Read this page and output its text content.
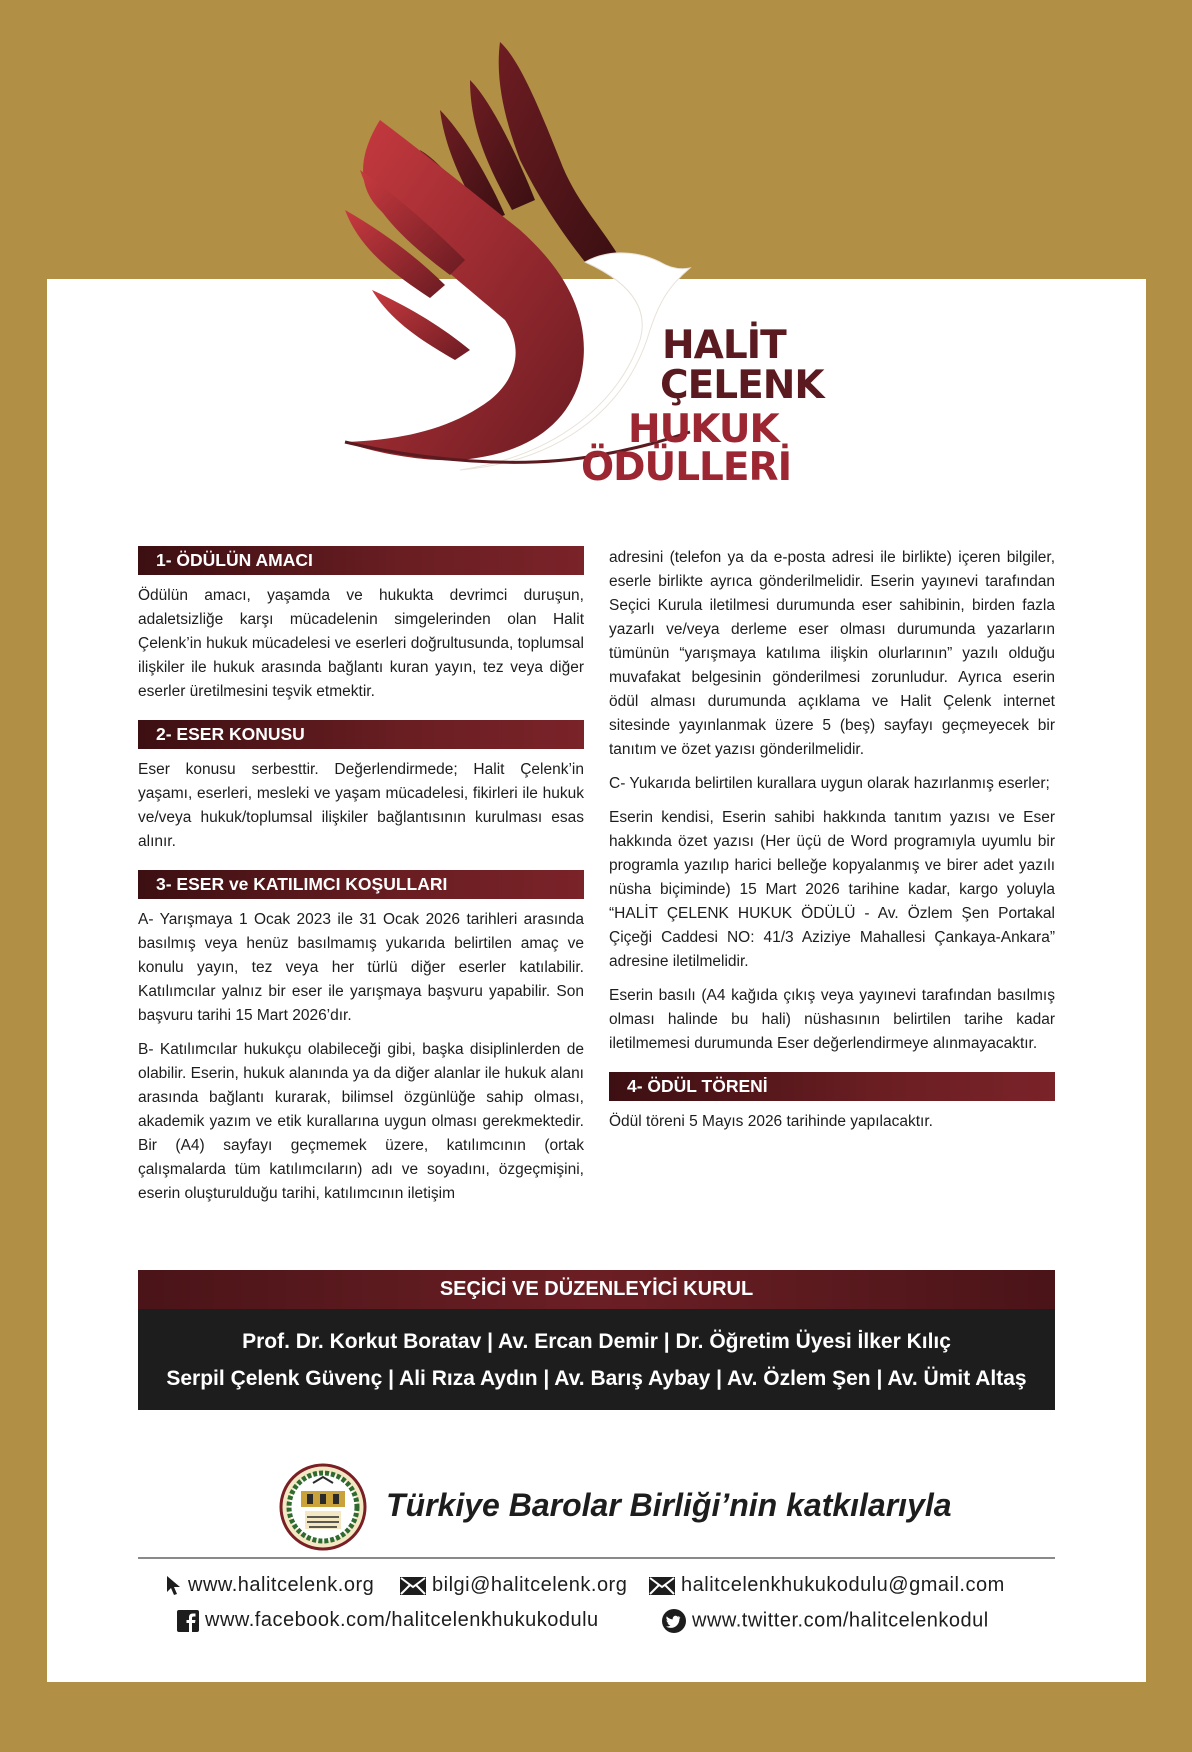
HALİT
ÇELENK
HUKUK
ÖDÜLLERİ
1- ÖDÜLÜN AMACI

Ödülün amacı, yaşamda ve hukukta devrimci duruşun, adaletsizliğe karşı mücadelenin simgelerinden olan Halit Çelenk’in hukuk mücadelesi ve eserleri doğrultusunda, toplumsal ilişkiler ile hukuk arasında bağlantı kuran yayın, tez veya diğer eserler üretilmesini teşvik etmektir.

2- ESER KONUSU

Eser konusu serbesttir. Değerlendirmede; Halit Çelenk’in yaşamı, eserleri, mesleki ve yaşam mücadelesi, fikirleri ile hukuk ve/veya hukuk/toplumsal ilişkiler bağlantısının kurulması esas alınır.

3- ESER ve KATILIMCI KOŞULLARI

A- Yarışmaya 1 Ocak 2023 ile 31 Ocak 2026 tarihleri arasında basılmış veya henüz basılmamış yukarıda belirtilen amaç ve konulu yayın, tez veya her türlü diğer eserler katılabilir. Katılımcılar yalnız bir eser ile yarışmaya başvuru yapabilir. Son başvuru tarihi 15 Mart 2026’dır.

B- Katılımcılar hukukçu olabileceği gibi, başka disiplinlerden de olabilir. Eserin, hukuk alanında ya da diğer alanlar ile hukuk alanı arasında bağlantı kurarak, bilimsel özgünlüğe sahip olması, akademik yazım ve etik kurallarına uygun olması gerekmektedir. Bir (A4) sayfayı geçmemek üzere, katılımcının (ortak çalışmalarda tüm katılımcıların) adı ve soyadını, özgeçmişini, eserin oluşturulduğu tarihi, katılımcının iletişim

adresini (telefon ya da e-posta adresi ile birlikte) içeren bilgiler, eserle birlikte ayrıca gönderilmelidir. Eserin yayınevi tarafından Seçici Kurula iletilmesi durumunda eser sahibinin, birden fazla yazarlı ve/veya derleme eser olması durumunda yazarların tümünün “yarışmaya katılıma ilişkin olurlarının” yazılı olduğu muvafakat belgesinin gönderilmesi zorunludur. Ayrıca eserin ödül alması durumunda açıklama ve Halit Çelenk internet sitesinde yayınlanmak üzere 5 (beş) sayfayı geçmeyecek bir tanıtım ve özet yazısı gönderilmelidir.

C- Yukarıda belirtilen kurallara uygun olarak hazırlanmış eserler;

Eserin kendisi, Eserin sahibi hakkında tanıtım yazısı ve Eser hakkında özet yazısı (Her üçü de Word programıyla uyumlu bir programla yazılıp harici belleğe kopyalanmış ve birer adet yazılı nüsha biçiminde) 15 Mart 2026 tarihine kadar, kargo yoluyla “HALİT ÇELENK HUKUK ÖDÜLÜ - Av. Özlem Şen Portakal Çiçeği Caddesi NO: 41/3 Aziziye Mahallesi Çankaya-Ankara” adresine iletilmelidir.

Eserin basılı (A4 kağıda çıkış veya yayınevi tarafından basılmış olması halinde bu hali) nüshasının belirtilen tarihe kadar iletilmemesi durumunda Eser değerlendirmeye alınmayacaktır.

4- ÖDÜL TÖRENİ

Ödül töreni 5 Mayıs 2026 tarihinde yapılacaktır.

SEÇİCİ VE DÜZENLEYİCİ KURUL
Prof. Dr. Korkut Boratav | Av. Ercan Demir | Dr. Öğretim Üyesi İlker Kılıç
Serpil Çelenk Güvenç | Ali Rıza Aydın | Av. Barış Aybay | Av. Özlem Şen | Av. Ümit Altaş
Türkiye Barolar Birliği’nin katkılarıyla
www.halitcelenk.org	bilgi@halitcelenk.org	halitcelenkhukukodulu@gmail.com
www.facebook.com/halitcelenkhukukodulu	www.twitter.com/halitcelenkodul
